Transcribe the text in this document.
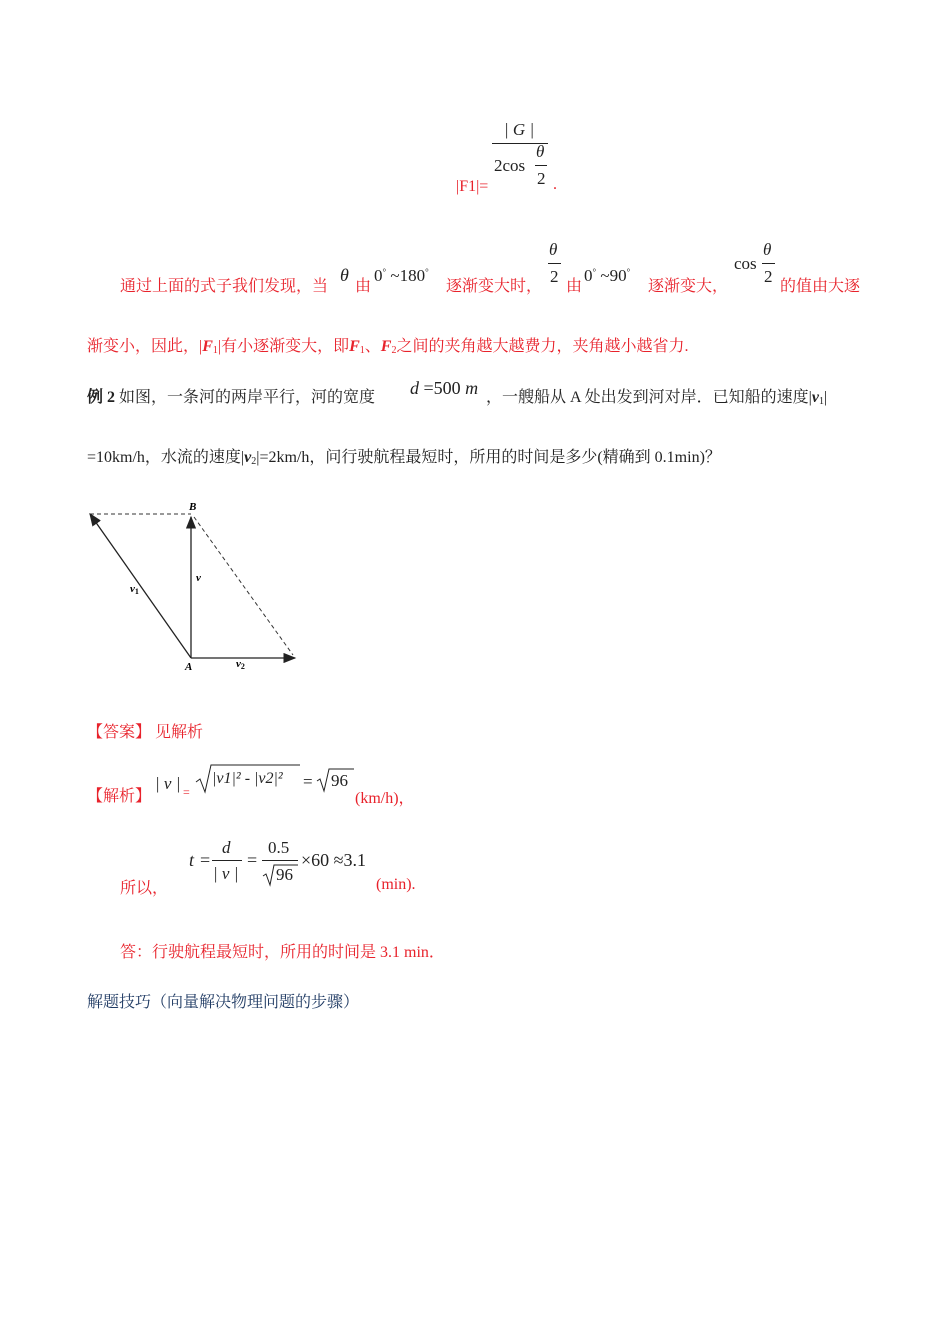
|F1|=
| G |
2cos
θ
2 .
通过上面的式子我们发现，当
θ
由
0° ~180°
逐渐变大时，
θ
2
由
0° ~90°
逐渐变大，
cos
θ
2
的值由大逐
渐变小，因此，$|F_1|$有小逐渐变大，即$F_1$、$F_2$之间的夹角越大越费力，夹角越小越省力.
例 2 如图，一条河的两岸平行，河的宽度 d =500 m ，一艘船从 A 处出发到河对岸．已知船的速度$|v_1|$
=10km/h，水流的速度$|v_2|=2km/h$，问行驶航程最短时，所用的时间是多少(精确到 0.1min)？
B
A
v
v1
v2
【答案】 见解析
【解析】
| v | =
|v1|² - |v2|² = 96
(km/h)，
所以，
t =
d
| v |
=
0.5
96
×60 ≈3.1
(min).
答：行驶航程最短时，所用的时间是 3.1 min．
解题技巧（向量解决物理问题的步骤）
